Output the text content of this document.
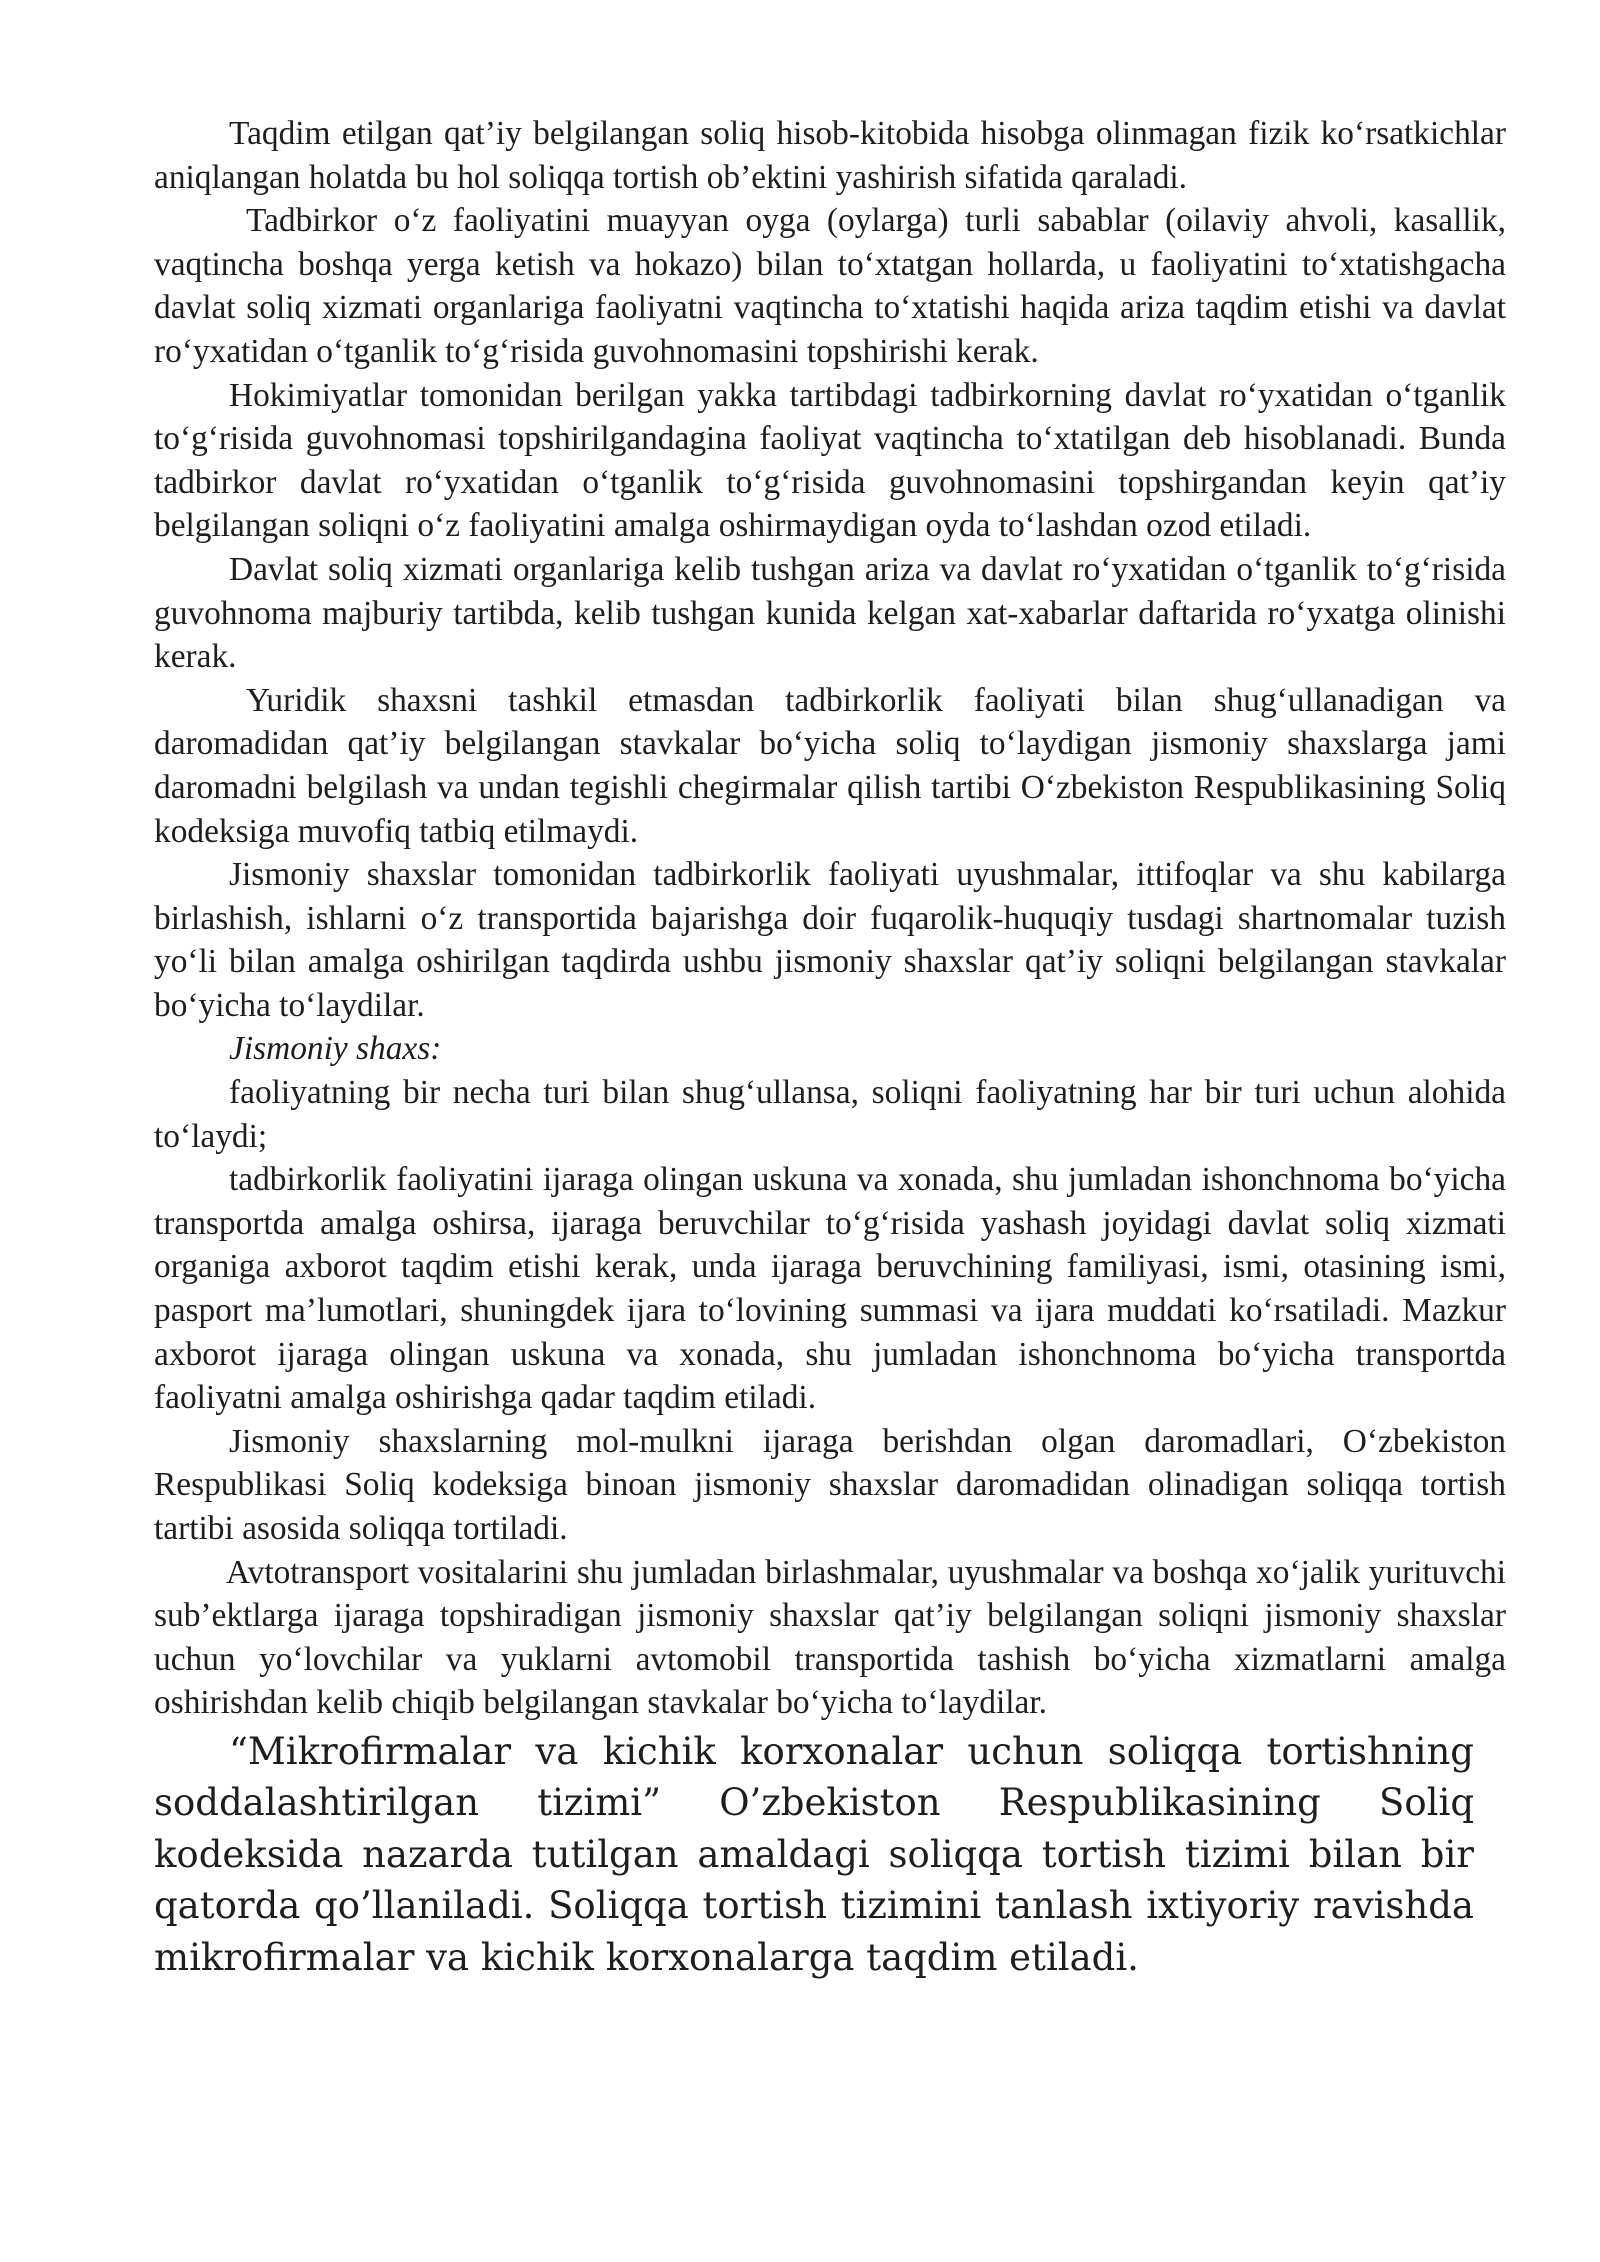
Taqdim etilgan qat’iy belgilangan soliq hisob-kitobida hisobga olinmagan fizik ko‘rsatkichlar aniqlangan holatda bu hol soliqqa tortish ob’ektini yashirish sifatida qaraladi.

Tadbirkor o‘z faoliyatini muayyan oyga (oylarga) turli sabablar (oilaviy ahvoli, kasallik, vaqtincha boshqa yerga ketish va hokazo) bilan to‘xtatgan hollarda, u faoliyatini to‘xtatishgacha davlat soliq xizmati organlariga faoliyatni vaqtincha to‘xtatishi haqida ariza taqdim etishi va davlat ro‘yxatidan o‘tganlik to‘g‘risida guvohnomasini topshirishi kerak.

Hokimiyatlar tomonidan berilgan yakka tartibdagi tadbirkorning davlat ro‘yxatidan o‘tganlik to‘g‘risida guvohnomasi topshirilgandagina faoliyat vaqtincha to‘xtatilgan deb hisoblanadi. Bunda tadbirkor davlat ro‘yxatidan o‘tganlik to‘g‘risida guvohnomasini topshirgandan keyin qat’iy belgilangan soliqni o‘z faoliyatini amalga oshirmaydigan oyda to‘lashdan ozod etiladi.

Davlat soliq xizmati organlariga kelib tushgan ariza va davlat ro‘yxatidan o‘tganlik to‘g‘risida guvohnoma majburiy tartibda, kelib tushgan kunida kelgan xat-xabarlar daftarida ro‘yxatga olinishi kerak.

Yuridik shaxsni tashkil etmasdan tadbirkorlik faoliyati bilan shug‘ullanadigan va daromadidan qat’iy belgilangan stavkalar bo‘yicha soliq to‘laydigan jismoniy shaxslarga jami daromadni belgilash va undan tegishli chegirmalar qilish tartibi O‘zbekiston Respublikasining Soliq kodeksiga muvofiq tatbiq etilmaydi.

Jismoniy shaxslar tomonidan tadbirkorlik faoliyati uyushmalar, ittifoqlar va shu kabilarga birlashish, ishlarni o‘z transportida bajarishga doir fuqarolik-huquqiy tusdagi shartnomalar tuzish yo‘li bilan amalga oshirilgan taqdirda ushbu jismoniy shaxslar qat’iy soliqni belgilangan stavkalar bo‘yicha to‘laydilar.

Jismoniy shaxs:

faoliyatning bir necha turi bilan shug‘ullansa, soliqni faoliyatning har bir turi uchun alohida to‘laydi;

tadbirkorlik faoliyatini ijaraga olingan uskuna va xonada, shu jumladan ishonchnoma bo‘yicha transportda amalga oshirsa, ijaraga beruvchilar to‘g‘risida yashash joyidagi davlat soliq xizmati organiga axborot taqdim etishi kerak, unda ijaraga beruvchining familiyasi, ismi, otasining ismi, pasport ma’lumotlari, shuningdek ijara to‘lovining summasi va ijara muddati ko‘rsatiladi. Mazkur axborot ijaraga olingan uskuna va xonada, shu jumladan ishonchnoma bo‘yicha transportda faoliyatni amalga oshirishga qadar taqdim etiladi.

Jismoniy shaxslarning mol-mulkni ijaraga berishdan olgan daromadlari, O‘zbekiston Respublikasi Soliq kodeksiga binoan jismoniy shaxslar daromadidan olinadigan soliqqa tortish tartibi asosida soliqqa tortiladi.

Avtotransport vositalarini shu jumladan birlashmalar, uyushmalar va boshqa xo‘jalik yurituvchi sub’ektlarga ijaraga topshiradigan jismoniy shaxslar qat’iy belgilangan soliqni jismoniy shaxslar uchun yo‘lovchilar va yuklarni avtomobil transportida tashish bo‘yicha xizmatlarni amalga oshirishdan kelib chiqib belgilangan stavkalar bo‘yicha to‘laydilar.

“Mikrofirmalar va kichik korxonalar uchun soliqqa tortishning soddalashtirilgan tizimi” O’zbekiston Respublikasining Soliq kodeksida nazarda tutilgan amaldagi soliqqa tortish tizimi bilan bir qatorda qo’llaniladi. Soliqqa tortish tizimini tanlash ixtiyoriy ravishda mikrofirmalar va kichik korxonalarga taqdim etiladi.
